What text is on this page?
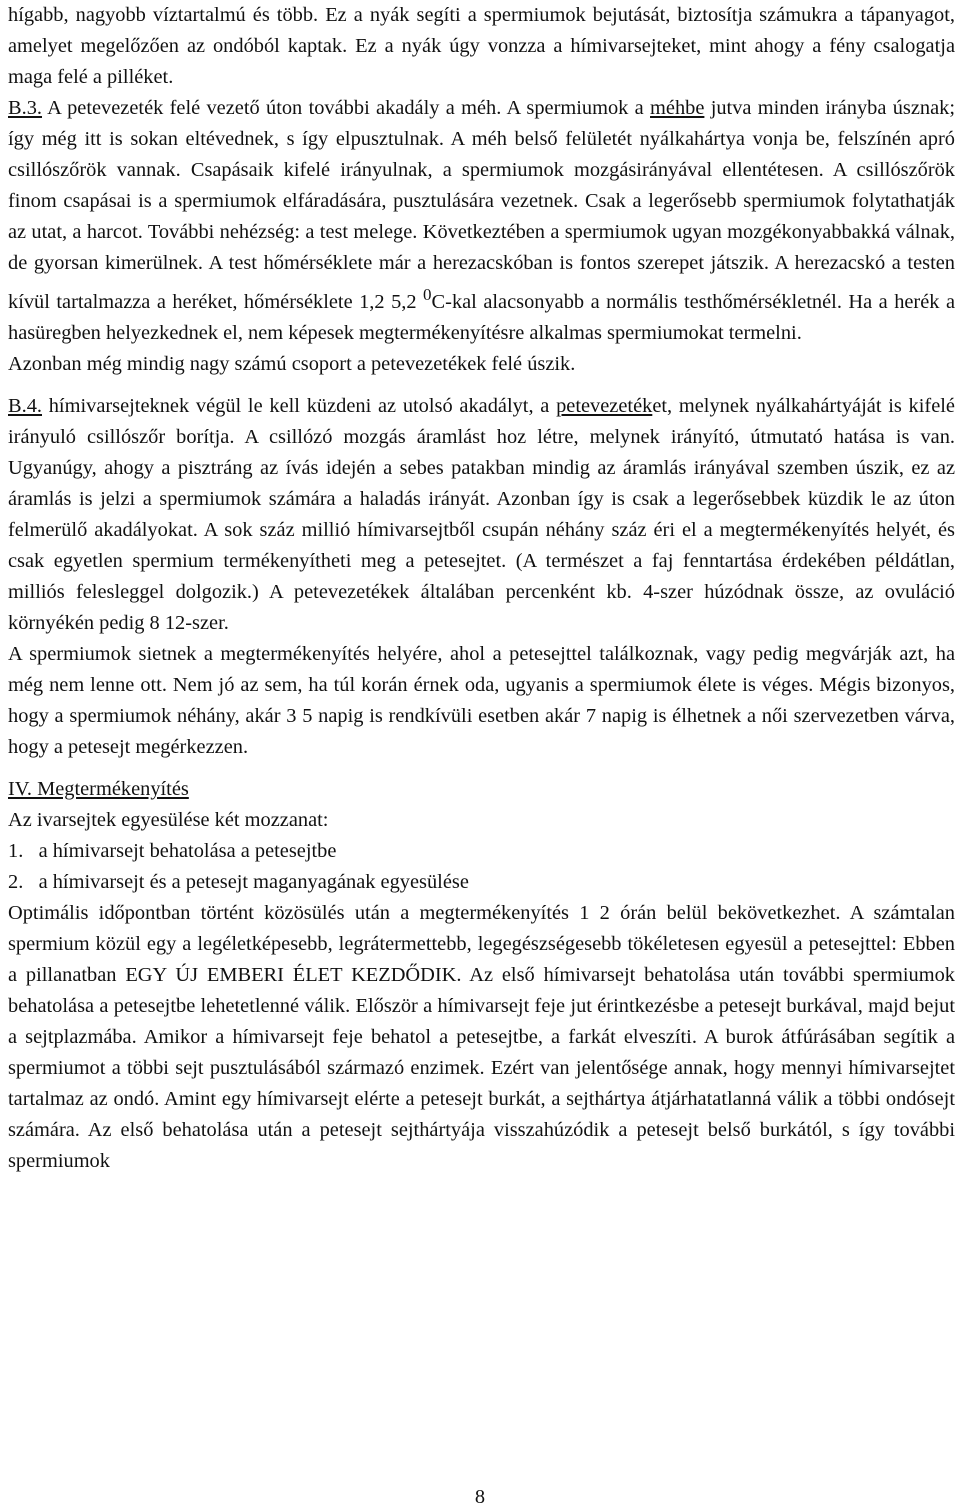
hígabb, nagyobb víztartalmú és több. Ez a nyák segíti a spermiumok bejutását, biztosítja számukra a tápanyagot, amelyet megelőzően az ondóból kaptak. Ez a nyák úgy vonzza a hímivarsejteket, mint ahogy a fény csalogatja maga felé a pilléket.

B.3. A petevezeték felé vezető úton további akadály a méh. A spermiumok a méhbe jutva minden irányba úsznak; így még itt is sokan eltévednek, s így elpusztulnak. A méh belső felületét nyálkahártya vonja be, felszínén apró csillószőrök vannak. Csapásaik kifelé irányulnak, a spermiumok mozgásirányával ellentétesen. A csillószőrök finom csapásai is a spermiumok elfáradására, pusztulására vezetnek. Csak a legerősebb spermiumok folytathatják az utat, a harcot. További nehézség: a test melege. Következtében a spermiumok ugyan mozgékonyabbakká válnak, de gyorsan kimerülnek. A test hőmérséklete már a herezacskóban is fontos szerepet játszik. A herezacskó a testen kívül tartalmazza a heréket, hőmérséklete 1,2 5,2 $^0$C-kal alacsonyabb a normális testhőmérsékletnél. Ha a herék a hasüregben helyezkednek el, nem képesek megtermékenyítésre alkalmas spermiumokat termelni.

Azonban még mindig nagy számú csoport a petevezetékek felé úszik.

B.4. hímivarsejteknek végül le kell küzdeni az utolsó akadályt, a petevezetéket, melynek nyálkahártyáját is kifelé irányuló csillószőr borítja. A csillózó mozgás áramlást hoz létre, melynek irányító, útmutató hatása is van. Ugyanúgy, ahogy a pisztráng az ívás idején a sebes patakban mindig az áramlás irányával szemben úszik, ez az áramlás is jelzi a spermiumok számára a haladás irányát. Azonban így is csak a legerősebbek küzdik le az úton felmerülő akadályokat. A sok száz millió hímivarsejtből csupán néhány száz éri el a megtermékenyítés helyét, és csak egyetlen spermium termékenyítheti meg a petesejtet. (A természet a faj fenntartása érdekében példátlan, milliós felesleggel dolgozik.) A petevezetékek általában percenként kb. 4-szer húzódnak össze, az ovuláció környékén pedig 8 12-szer.

A spermiumok sietnek a megtermékenyítés helyére, ahol a petesejttel találkoznak, vagy pedig megvárják azt, ha még nem lenne ott. Nem jó az sem, ha túl korán érnek oda, ugyanis a spermiumok élete is véges. Mégis bizonyos, hogy a spermiumok néhány, akár 3 5 napig is rendkívüli esetben akár 7 napig is élhetnek a női szervezetben várva, hogy a petesejt megérkezzen.

IV. Megtermékenyítés

Az ivarsejtek egyesülése két mozzanat:

1.   a hímivarsejt behatolása a petesejtbe

2.   a hímivarsejt és a petesejt maganyagának egyesülése

Optimális időpontban történt közösülés után a megtermékenyítés 1 2 órán belül bekövetkezhet. A számtalan spermium közül egy a legéletképesebb, legrátermettebb, legegészségesebb tökéletesen egyesül a petesejttel: Ebben a pillanatban EGY ÚJ EMBERI ÉLET KEZDŐDIK. Az első hímivarsejt behatolása után további spermiumok behatolása a petesejtbe lehetetlenné válik. Először a hímivarsejt feje jut érintkezésbe a petesejt burkával, majd bejut a sejtplazmába. Amikor a hímivarsejt feje behatol a petesejtbe, a farkát elveszíti. A burok átfúrásában segítik a spermiumot a többi sejt pusztulásából származó enzimek. Ezért van jelentősége annak, hogy mennyi hímivarsejtet tartalmaz az ondó. Amint egy hímivarsejt elérte a petesejt burkát, a sejthártya átjárhatatlanná válik a többi ondósejt számára. Az első behatolása után a petesejt sejthártyája visszahúzódik a petesejt belső burkától, s így további spermiumok

8
